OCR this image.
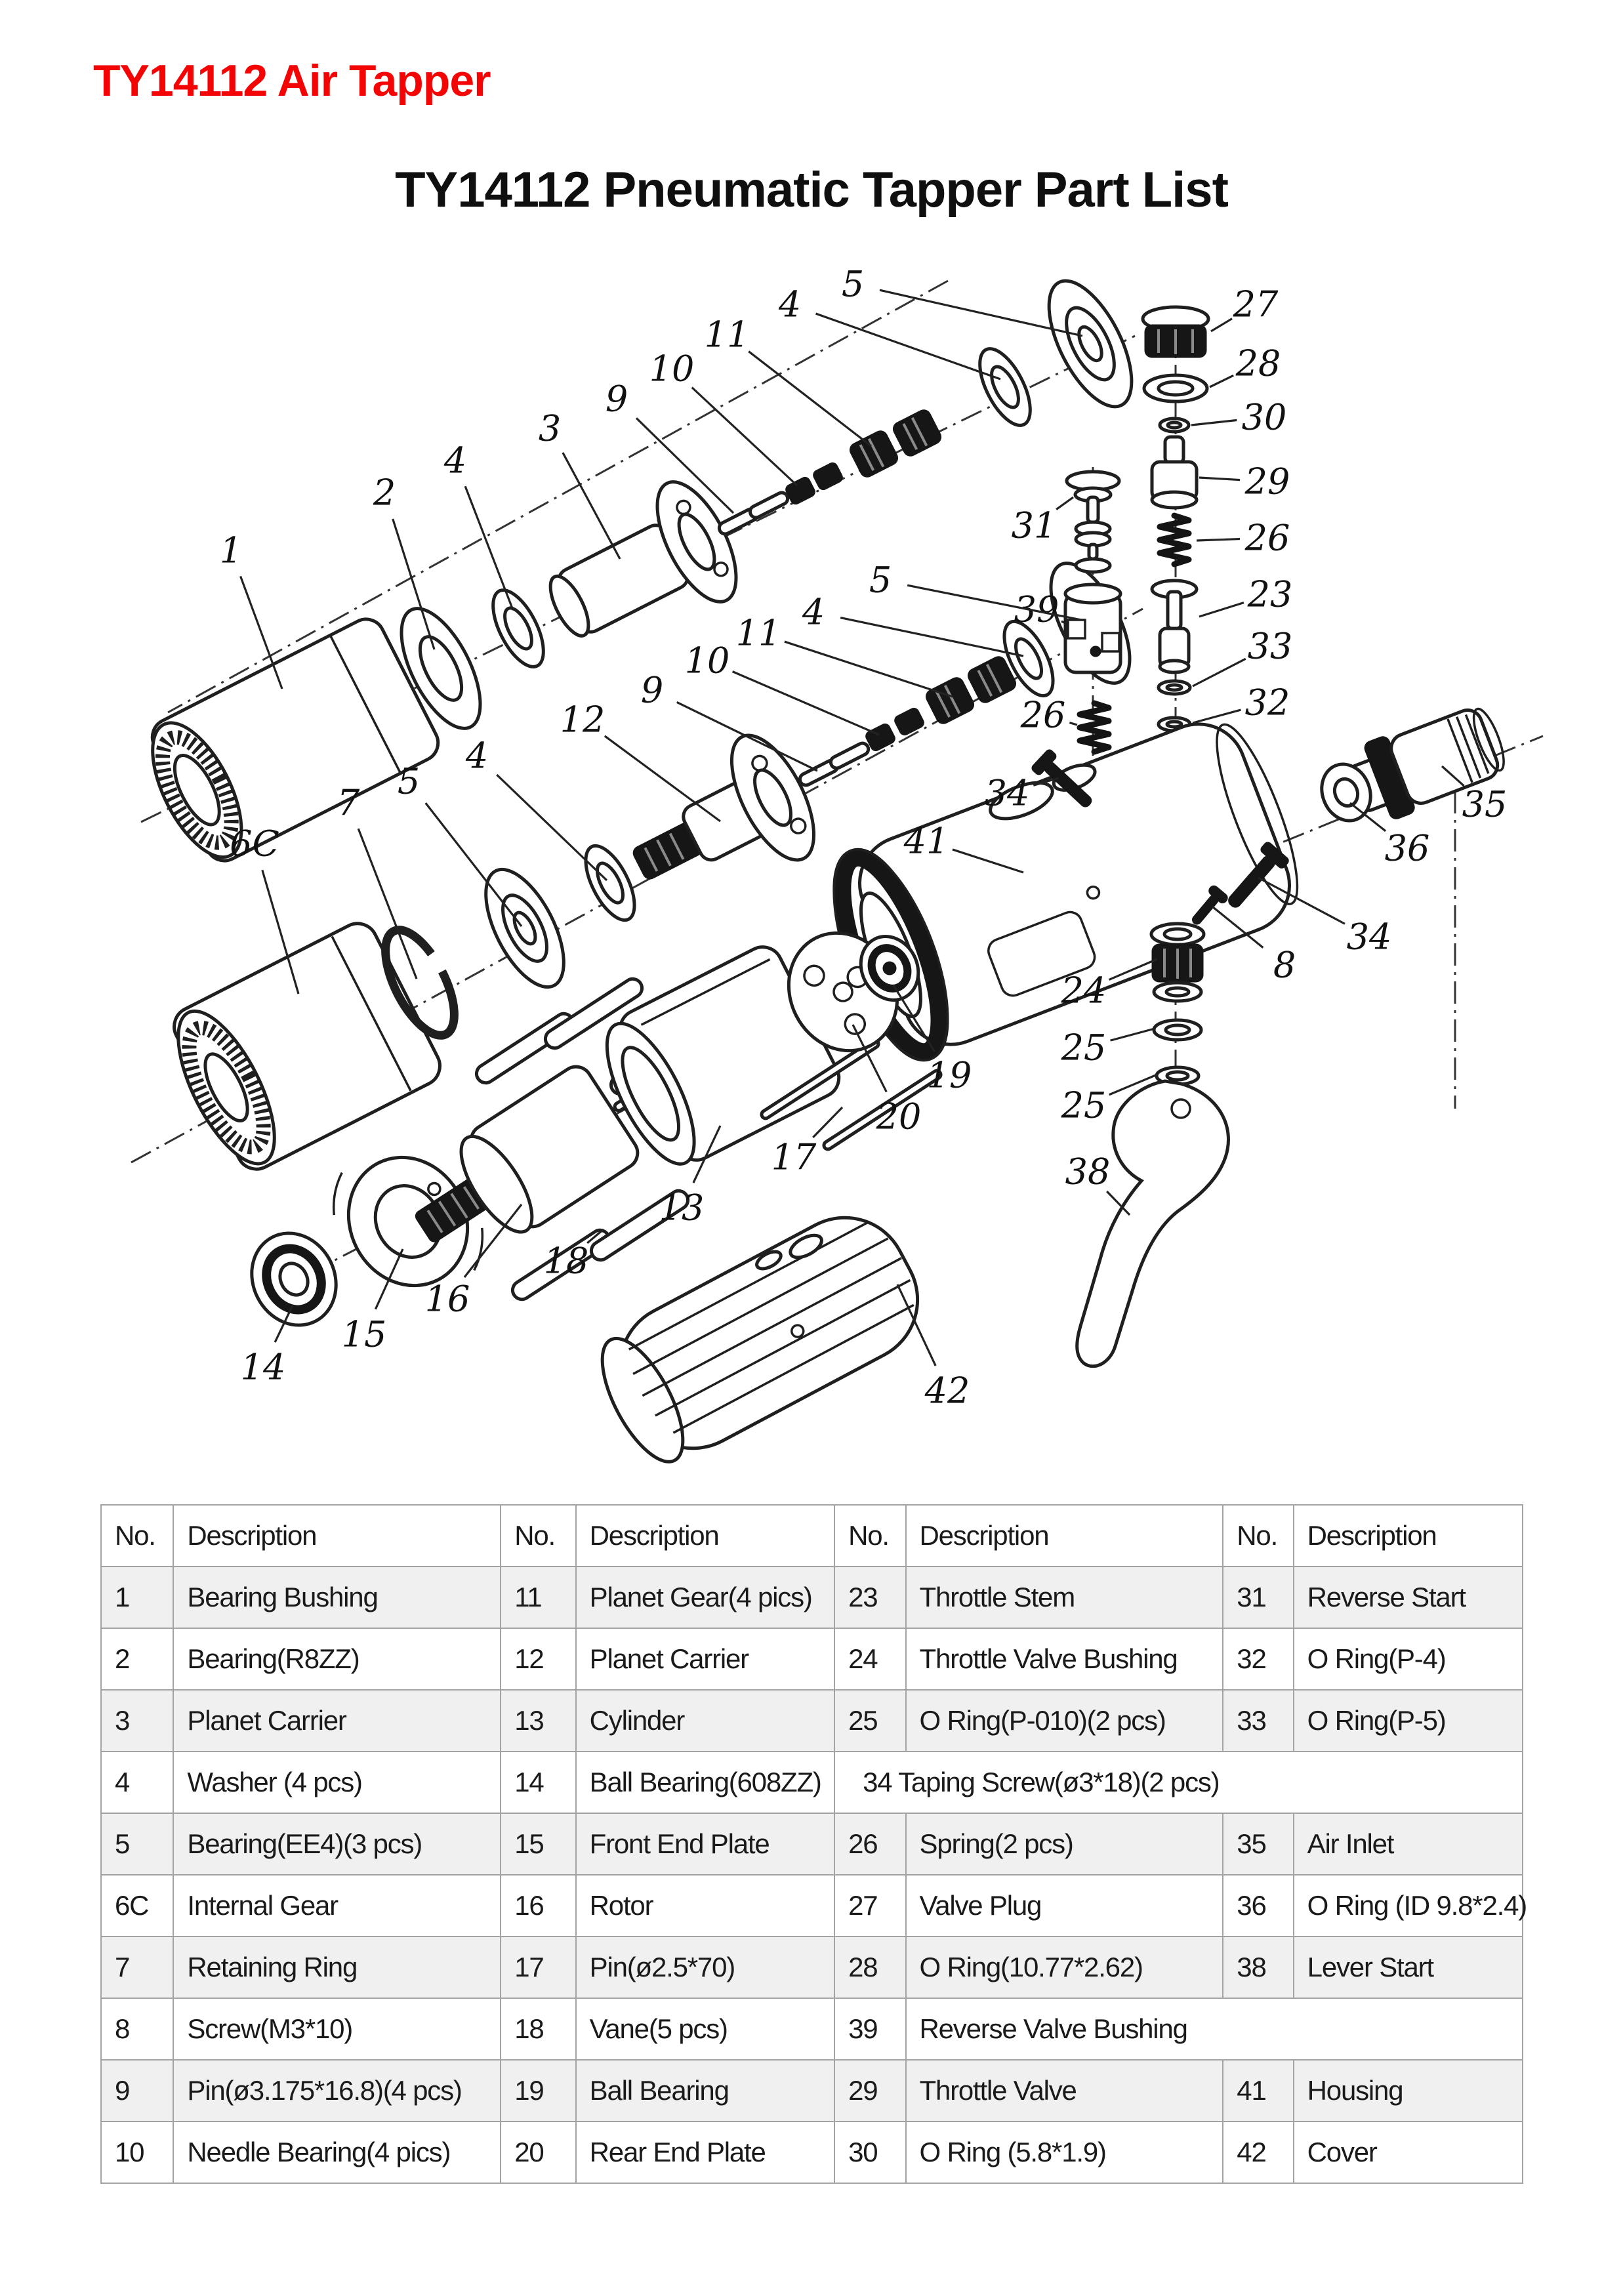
TY14112 Air Tapper
TY14112 Pneumatic Tapper Part List
1
2
4
3
9
10
11
4 5	27
28
30
29
26
23
33
32
31
39
26
5
4
11
10
9
12
4
5
7
6C
34
41	36
35
34
8
24
25
25
19
20
38
17
13
18
16
15
14
42
No.	Description	No.	Description	No.	Description	No.	Description
1	Bearing Bushing	11	Planet Gear(4 pics)	23	Throttle Stem	31	Reverse Start
2	Bearing(R8ZZ)	12	Planet Carrier	24	Throttle Valve Bushing	32	O Ring(P-4)
3	Planet Carrier	13	Cylinder	25	O Ring(P-010)(2 pcs)	33	O Ring(P-5)
4	Washer (4 pcs)	14	Ball Bearing(608ZZ)	34 Taping Screw(ø3*18)(2 pcs)			
5	Bearing(EE4)(3 pcs)	15	Front End Plate	26	Spring(2 pcs)	35	Air Inlet
6C	Internal Gear	16	Rotor	27	Valve Plug	36	O Ring (ID 9.8*2.4)
7	Retaining Ring	17	Pin(ø2.5*70)	28	O Ring(10.77*2.62)	38	Lever Start
8	Screw(M3*10)	18	Vane(5 pcs)	39	Reverse Valve Bushing		
9	Pin(ø3.175*16.8)(4 pcs)	19	Ball Bearing	29	Throttle Valve	41	Housing
10	Needle Bearing(4 pics)	20	Rear End Plate	30	O Ring (5.8*1.9)	42	Cover
